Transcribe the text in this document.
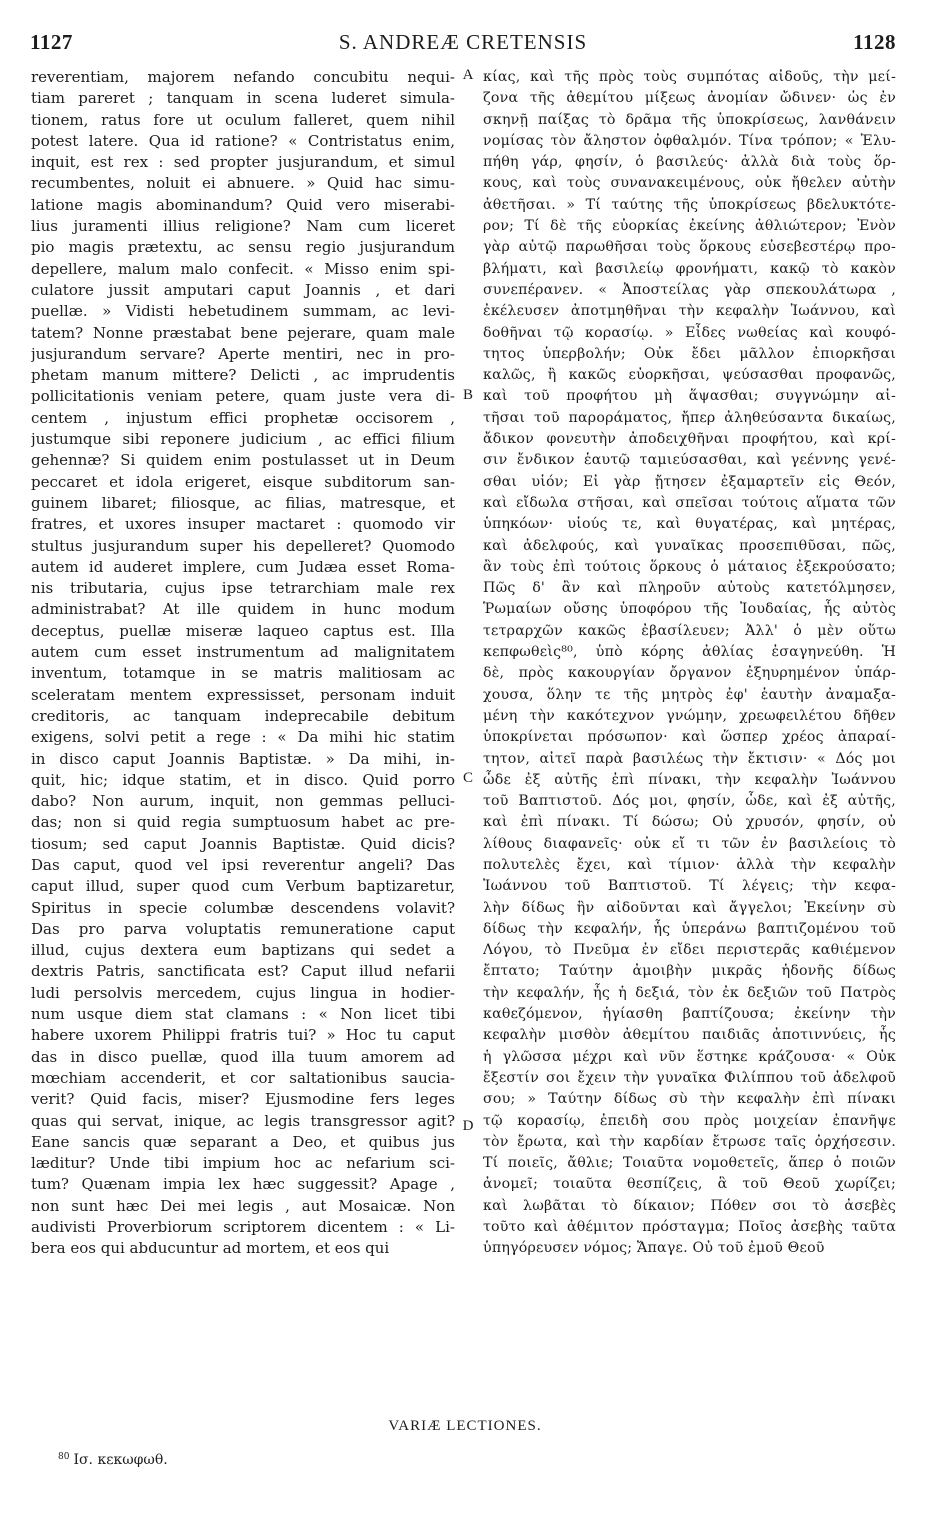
1127	S. ANDREÆ CRETENSIS	1128
reverentiam, majorem nefando concubitu nequi-
tiam pareret ; tanquam in scena luderet simula-
tionem, ratus fore ut oculum falleret, quem nihil
potest latere. Qua id ratione? « Contristatus enim,
inquit, est rex : sed propter jusjurandum, et simul
recumbentes, noluit ei abnuere. » Quid hac simu-
latione magis abominandum? Quid vero miserabi-
lius juramenti illius religione? Nam cum liceret
pio magis prætextu, ac sensu regio jusjurandum
depellere, malum malo confecit. « Misso enim spi-
culatore jussit amputari caput Joannis , et dari
puellæ. » Vidisti hebetudinem summam, ac levi-
tatem? Nonne præstabat bene pejerare, quam male
jusjurandum servare? Aperte mentiri, nec in pro-
phetam manum mittere? Delicti , ac imprudentis
pollicitationis veniam petere, quam juste vera di-
centem , injustum effici prophetæ occisorem ,
justumque sibi reponere judicium , ac effici filium
gehennæ? Si quidem enim postulasset ut in Deum
peccaret et idola erigeret, eisque subditorum san-
guinem libaret; filiosque, ac filias, matresque, et
fratres, et uxores insuper mactaret : quomodo vir
stultus jusjurandum super his depelleret? Quomodo
autem id auderet implere, cum Judæa esset Roma-
nis tributaria, cujus ipse tetrarchiam male rex
administrabat? At ille quidem in hunc modum
deceptus, puellæ miseræ laqueo captus est. Illa
autem cum esset instrumentum ad malignitatem
inventum, totamque in se matris malitiosam ac
sceleratam mentem expressisset, personam induit
creditoris, ac tanquam indeprecabile debitum
exigens, solvi petit a rege : « Da mihi hic statim
in disco caput Joannis Baptistæ. » Da mihi, in-
quit, hic; idque statim, et in disco. Quid porro
dabo? Non aurum, inquit, non gemmas pelluci-
das; non si quid regia sumptuosum habet ac pre-
tiosum; sed caput Joannis Baptistæ. Quid dicis?
Das caput, quod vel ipsi reverentur angeli? Das
caput illud, super quod cum Verbum baptizaretur,
Spiritus in specie columbæ descendens volavit?
Das pro parva voluptatis remuneratione caput
illud, cujus dextera eum baptizans qui sedet a
dextris Patris, sanctificata est? Caput illud nefarii
ludi persolvis mercedem, cujus lingua in hodier-
num usque diem stat clamans : « Non licet tibi
habere uxorem Philippi fratris tui? » Hoc tu caput
das in disco puellæ, quod illa tuum amorem ad
mœchiam accenderit, et cor saltationibus saucia-
verit? Quid facis, miser? Ejusmodine fers leges
quas qui servat, inique, ac legis transgressor agit?
Eane sancis quæ separant a Deo, et quibus jus
læditur? Unde tibi impium hoc ac nefarium sci-
tum? Quænam impia lex hæc suggessit? Apage ,
non sunt hæc Dei mei legis , aut Mosaicæ. Non
audivisti Proverbiorum scriptorem dicentem : « Li-
bera eos qui abducuntur ad mortem, et eos qui
A
B
C
D
κίας, καὶ τῆς πρὸς τοὺς συμπότας αἰδοῦς, τὴν μεί-
ζονα τῆς ἀθεμίτου μίξεως ἀνομίαν ὤδινεν· ὡς ἐν
σκηνῇ παίξας τὸ δρᾶμα τῆς ὑποκρίσεως, λανθάνειν
νομίσας τὸν ἄληστον ὀφθαλμόν. Τίνα τρόπον; « Ἐλυ-
πήθη γάρ, φησίν, ὁ βασιλεύς· ἀλλὰ διὰ τοὺς ὅρ-
κους, καὶ τοὺς συνανακειμένους, οὐκ ἤθελεν αὐτὴν
ἀθετῆσαι. » Τί ταύτης τῆς ὑποκρίσεως βδελυκτότε-
ρον; Τί δὲ τῆς εὐορκίας ἐκείνης ἀθλιώτερον; Ἐνὸν
γὰρ αὐτῷ παρωθῆσαι τοὺς ὅρκους εὐσεβεστέρῳ προ-
βλήματι, καὶ βασιλείῳ φρονήματι, κακῷ τὸ κακὸν
συνεπέρανεν. « Ἀποστείλας γὰρ σπεκουλάτωρα ,
ἐκέλευσεν ἀποτμηθῆναι τὴν κεφαλὴν Ἰωάννου, καὶ
δοθῆναι τῷ κορασίῳ. » Εἶδες νωθείας καὶ κουφό-
τητος ὑπερβολήν; Οὐκ ἔδει μᾶλλον ἐπιορκῆσαι
καλῶς, ἢ κακῶς εὐορκῆσαι, ψεύσασθαι προφανῶς,
καὶ τοῦ προφήτου μὴ ἅψασθαι; συγγνώμην αἰ-
τῆσαι τοῦ παροράματος, ἤπερ ἀληθεύσαντα δικαίως,
ἄδικον φονευτὴν ἀποδειχθῆναι προφήτου, καὶ κρί-
σιν ἔνδικον ἑαυτῷ ταμιεύσασθαι, καὶ γεέννης γενέ-
σθαι υἱόν; Εἰ γὰρ ᾔτησεν ἐξαμαρτεῖν εἰς Θεόν,
καὶ εἴδωλα στῆσαι, καὶ σπεῖσαι τούτοις αἵματα τῶν
ὑπηκόων· υἱούς τε, καὶ θυγατέρας, καὶ μητέρας,
καὶ ἀδελφούς, καὶ γυναῖκας προσεπιθῦσαι, πῶς,
ἂν τοὺς ἐπὶ τούτοις ὅρκους ὁ μάταιος ἐξεκρούσατο;
Πῶς δ' ἂν καὶ πληροῦν αὐτοὺς κατετόλμησεν,
Ῥωμαίων οὔσης ὑποφόρου τῆς Ἰουδαίας, ἧς αὐτὸς
τετραρχῶν κακῶς ἐβασίλευεν; Ἀλλ' ὁ μὲν οὕτω
κεπφωθεὶς⁸⁰, ὑπὸ κόρης ἀθλίας ἐσαγηνεύθη. Ἡ
δὲ, πρὸς κακουργίαν ὄργανον ἐξηυρημένον ὑπάρ-
χουσα, ὅλην τε τῆς μητρὸς ἐφ' ἑαυτὴν ἀναμαξα-
μένη τὴν κακότεχνον γνώμην, χρεωφειλέτου δῆθεν
ὑποκρίνεται πρόσωπον· καὶ ὥσπερ χρέος ἀπαραί-
τητον, αἰτεῖ παρὰ βασιλέως τὴν ἔκτισιν· « Δός μοι
ὧδε ἐξ αὐτῆς ἐπὶ πίνακι, τὴν κεφαλὴν Ἰωάννου
τοῦ Βαπτιστοῦ. Δός μοι, φησίν, ὧδε, καὶ ἐξ αὐτῆς,
καὶ ἐπὶ πίνακι. Τί δώσω; Οὐ χρυσόν, φησίν, οὐ
λίθους διαφανεῖς· οὐκ εἴ τι τῶν ἐν βασιλείοις τὸ
πολυτελὲς ἔχει, καὶ τίμιον· ἀλλὰ τὴν κεφαλὴν
Ἰωάννου τοῦ Βαπτιστοῦ. Τί λέγεις; τὴν κεφα-
λὴν δίδως ἣν αἰδοῦνται καὶ ἄγγελοι; Ἐκείνην σὺ
δίδως τὴν κεφαλήν, ἧς ὑπεράνω βαπτιζομένου τοῦ
Λόγου, τὸ Πνεῦμα ἐν εἴδει περιστερᾶς καθιέμενον
ἔπτατο; Ταύτην ἀμοιβὴν μικρᾶς ἡδονῆς δίδως
τὴν κεφαλήν, ἧς ἡ δεξιά, τὸν ἐκ δεξιῶν τοῦ Πατρὸς
καθεζόμενον, ἡγίασθη βαπτίζουσα; ἐκείνην τὴν
κεφαλὴν μισθὸν ἀθεμίτου παιδιᾶς ἀποτιννύεις, ἧς
ἡ γλῶσσα μέχρι καὶ νῦν ἕστηκε κράζουσα· « Οὐκ
ἔξεστίν σοι ἔχειν τὴν γυναῖκα Φιλίππου τοῦ ἀδελφοῦ
σου; » Ταύτην δίδως σὺ τὴν κεφαλὴν ἐπὶ πίνακι
τῷ κορασίῳ, ἐπειδὴ σου πρὸς μοιχείαν ἐπανῆψε
τὸν ἔρωτα, καὶ τὴν καρδίαν ἔτρωσε ταῖς ὀρχήσεσιν.
Τί ποιεῖς, ἄθλιε; Τοιαῦτα νομοθετεῖς, ἅπερ ὁ ποιῶν
ἀνομεῖ; τοιαῦτα θεσπίζεις, ἃ τοῦ Θεοῦ χωρίζει;
καὶ λωβᾶται τὸ δίκαιον; Πόθεν σοι τὸ ἀσεβὲς
τοῦτο καὶ ἀθέμιτον πρόσταγμα; Ποῖος ἀσεβὴς ταῦτα
ὑπηγόρευσεν νόμος; Ἄπαγε. Οὐ τοῦ ἐμοῦ Θεοῦ
VARIÆ LECTIONES.
$^{80}$ Ισ. κεκωφωθ.
